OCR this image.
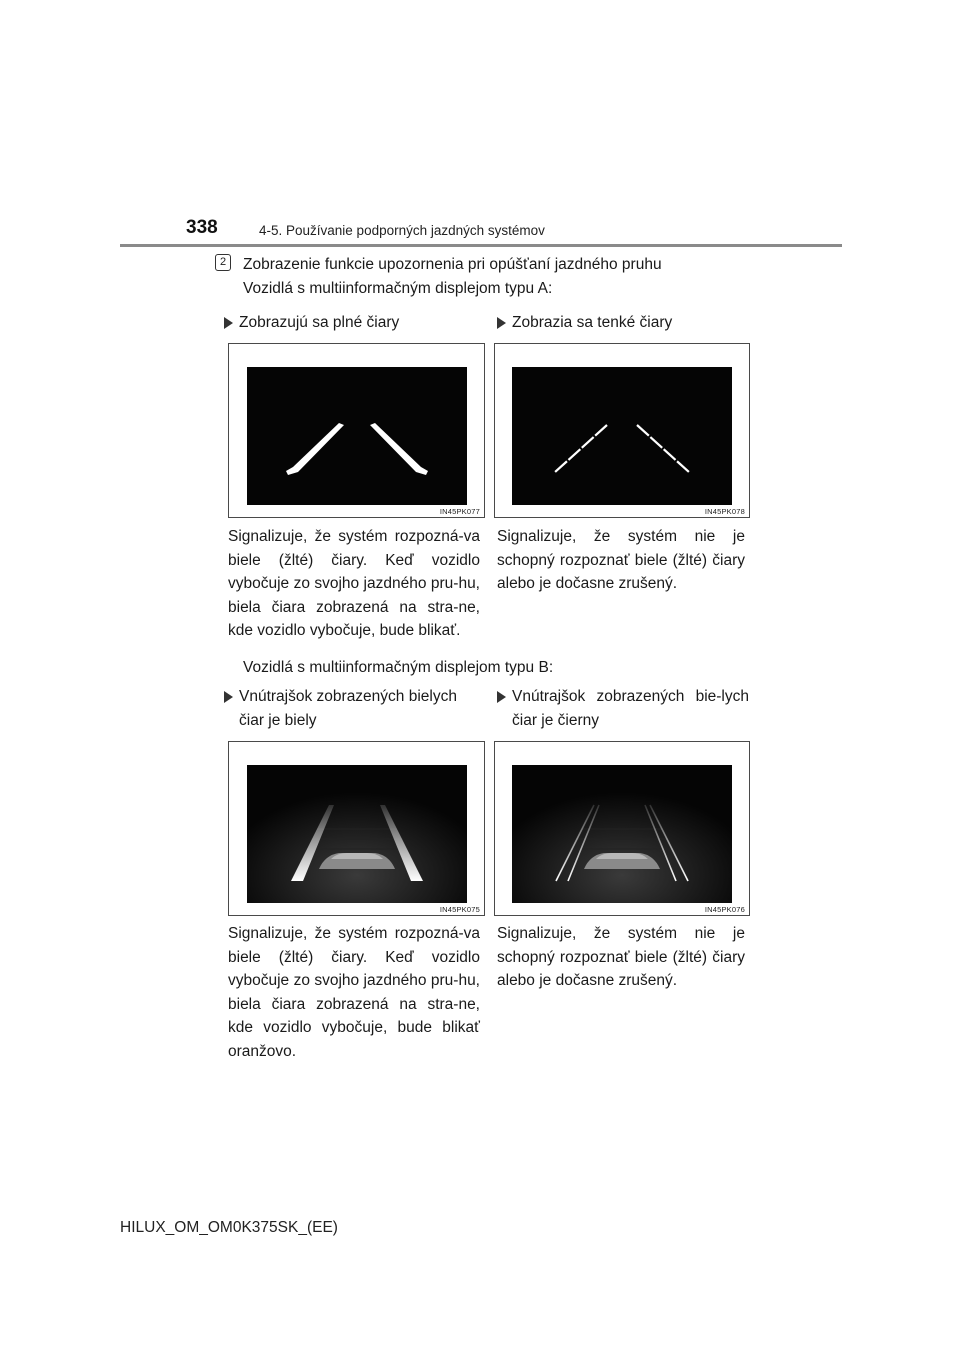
338	4-5. Používanie podporných jazdných systémov
2	Zobrazenie funkcie upozornenia pri opúšťaní jazdného pruhu
Vozidlá s multiinformačným displejom typu A:
Zobrazujú sa plné čiary	Zobrazia sa tenké čiary
IN45PK077	IN45PK078
Signalizuje, že systém rozpozná-va biele (žlté) čiary. Keď vozidlo vybočuje zo svojho jazdného pru-hu, biela čiara zobrazená na stra-ne, kde vozidlo vybočuje, bude blikať.
Signalizuje, že systém nie je schopný rozpoznať biele (žlté) čiary alebo je dočasne zrušený.
Vozidlá s multiinformačným displejom typu B:
Vnútrajšok zobrazených bielych čiar je biely
Vnútrajšok zobrazených bie-lych čiar je čierny
IN45PK075	IN45PK076
Signalizuje, že systém rozpozná-va biele (žlté) čiary. Keď vozidlo vybočuje zo svojho jazdného pru-hu, biela čiara zobrazená na stra-ne, kde vozidlo vybočuje, bude blikať oranžovo.
Signalizuje, že systém nie je schopný rozpoznať biele (žlté) čiary alebo je dočasne zrušený.
HILUX_OM_OM0K375SK_(EE)
